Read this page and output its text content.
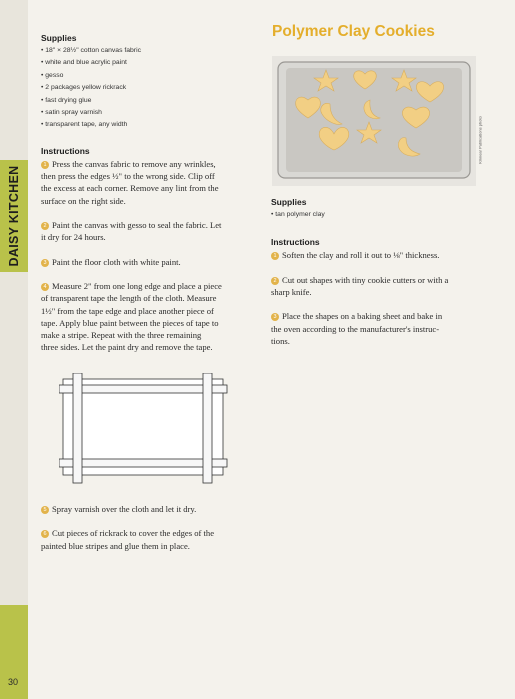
DAISY KITCHEN
30
Supplies
• 18" × 28½" cotton canvas fabric
• white and blue acrylic paint
• gesso
• 2 packages yellow rickrack
• fast drying glue
• satin spray varnish
• transparent tape, any width
Instructions

1 Press the canvas fabric to remove any wrinkles,
then press the edges ½" to the wrong side. Clip off
the excess at each corner. Remove any lint from the
surface on the right side.

2 Paint the canvas with gesso to seal the fabric. Let
it dry for 24 hours.

3 Paint the floor cloth with white paint.

4 Measure 2" from one long edge and place a piece
of transparent tape the length of the cloth. Measure
1½" from the tape edge and place another piece of
tape. Apply blue paint between the pieces of tape to
make a stripe. Repeat with the three remaining
three sides. Let the paint dry and remove the tape.

5 Spray varnish over the cloth and let it dry.

6 Cut pieces of rickrack to cover the edges of the
painted blue stripes and glue them in place.

Polymer Clay Cookies
Kinnear Publications photo
Supplies
• tan polymer clay
Instructions

1 Soften the clay and roll it out to ⅛" thickness.

2 Cut out shapes with tiny cookie cutters or with a
sharp knife.

3 Place the shapes on a baking sheet and bake in
the oven according to the manufacturer's instruc-
tions.
